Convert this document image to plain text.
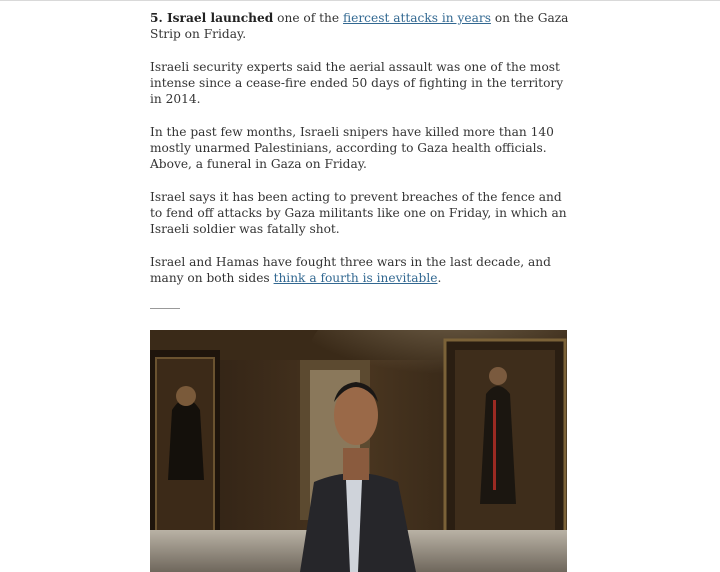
5. Israel launched one of the fiercest attacks in years on the Gaza Strip on Friday.

Israeli security experts said the aerial assault was one of the most intense since a cease-fire ended 50 days of fighting in the territory in 2014.

In the past few months, Israeli snipers have killed more than 140 mostly unarmed Palestinians, according to Gaza health officials. Above, a funeral in Gaza on Friday.

Israel says it has been acting to prevent breaches of the fence and to fend off attacks by Gaza militants like one on Friday, in which an Israeli soldier was fatally shot.

Israel and Hamas have fought three wars in the last decade, and many on both sides think a fourth is inevitable.
